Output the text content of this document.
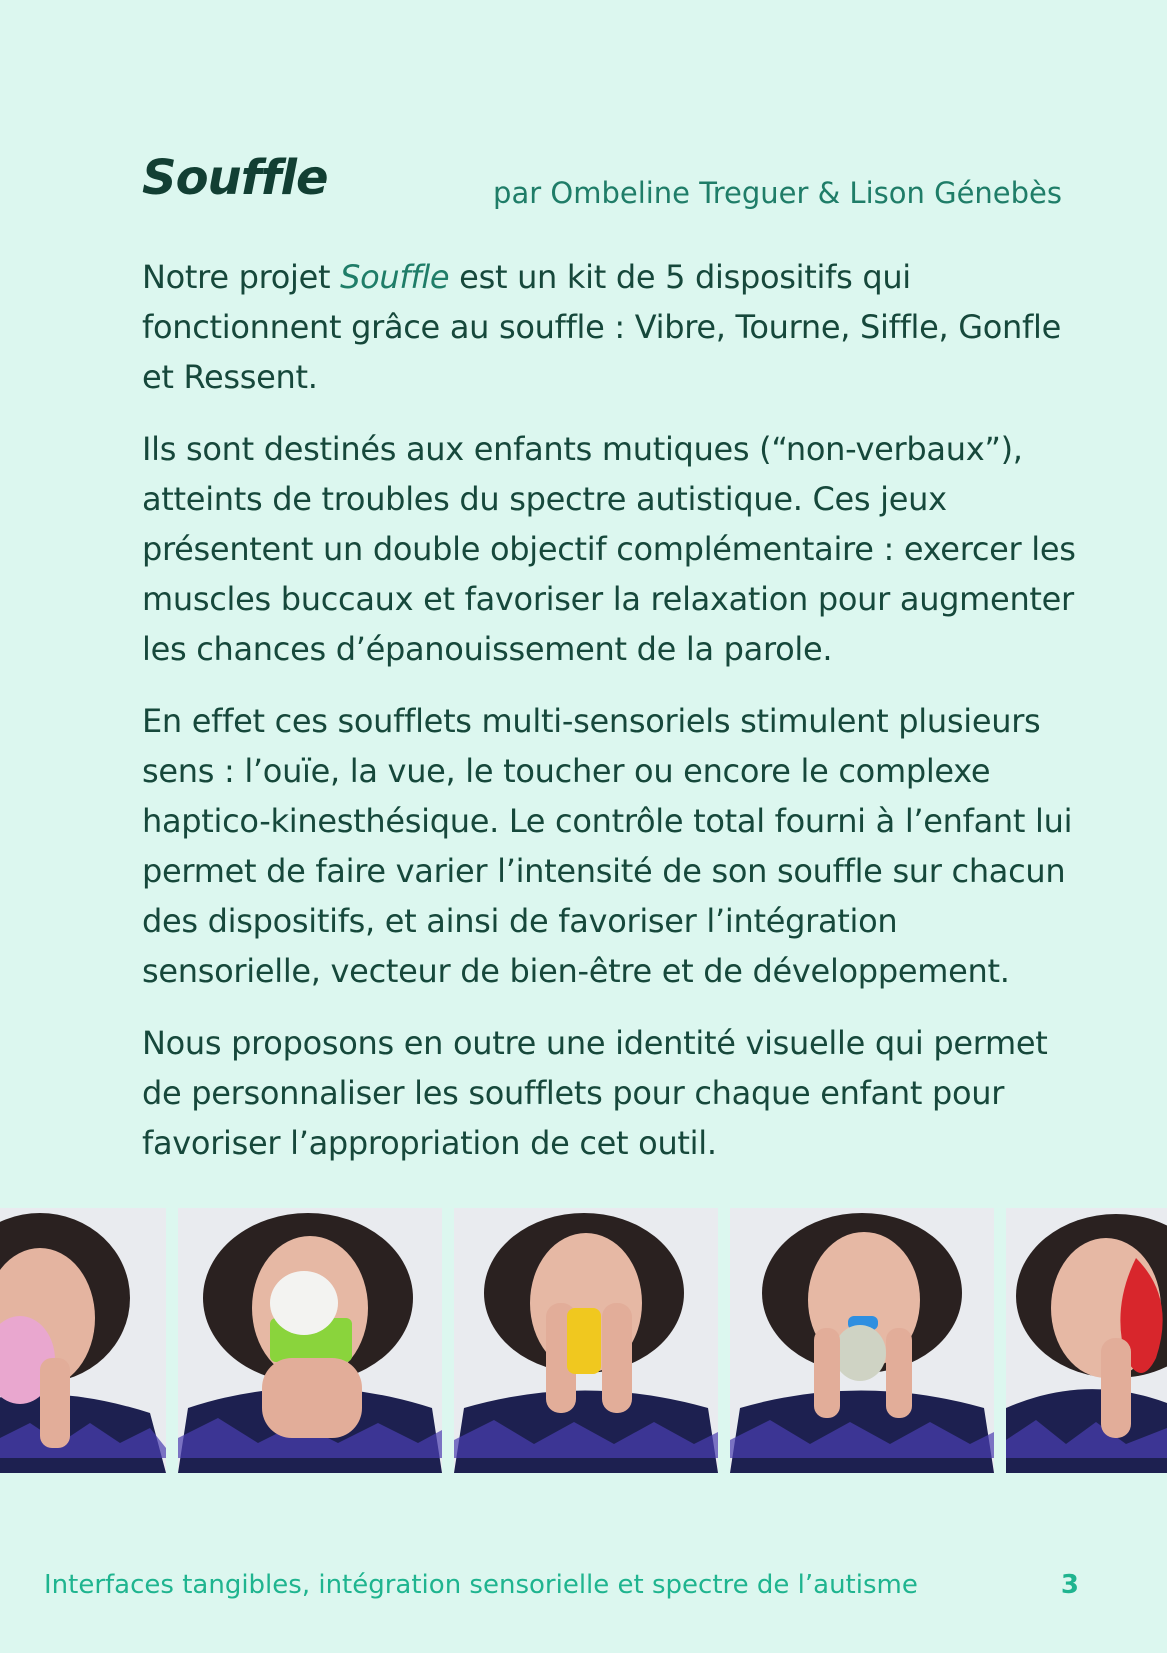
Souffle	par Ombeline Treguer & Lison Génebès

Notre projet Souffle est un kit de 5 dispositifs qui fonctionnent grâce au souffle : Vibre, Tourne, Siffle, Gonfle et Ressent.

Ils sont destinés aux enfants mutiques (“non-verbaux”), atteints de troubles du spectre autistique. Ces jeux présentent un double objectif complémentaire : exercer les muscles buccaux et favoriser la relaxation pour augmenter les chances d’épanouissement de la parole.

En effet ces soufflets multi-sensoriels stimulent plusieurs sens : l’ouïe, la vue, le toucher ou encore le complexe haptico-kinesthésique. Le contrôle total fourni à l’enfant lui permet de faire varier l’intensité de son souffle sur chacun des dispositifs, et ainsi de favoriser l’intégration sensorielle, vecteur de bien-être et de développement.

Nous proposons en outre une identité visuelle qui permet de personnaliser les soufflets pour chaque enfant pour favoriser l’appropriation de cet outil.

Interfaces tangibles, intégration sensorielle et spectre de l’autisme	3
